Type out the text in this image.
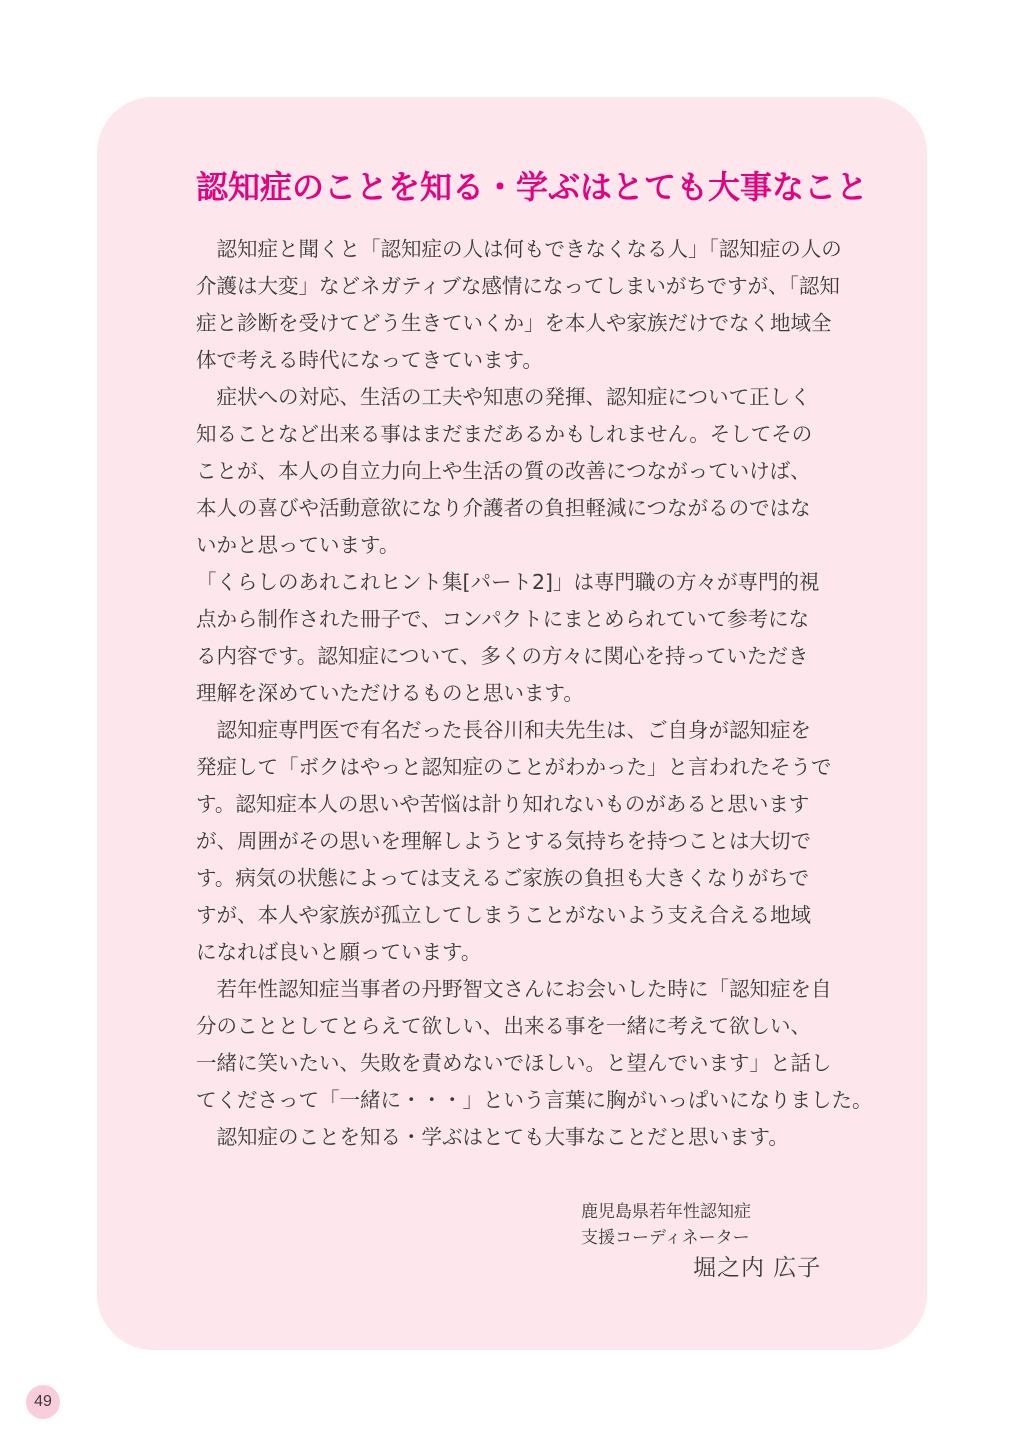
認知症のことを知る・学ぶはとても大事なこと
　認知症と聞くと「認知症の人は何もできなくなる人」「認知症の人の
介護は大変」などネガティブな感情になってしまいがちですが、「認知
症と診断を受けてどう生きていくか」を本人や家族だけでなく地域全
体で考える時代になってきています。
　症状への対応、生活の工夫や知恵の発揮、認知症について正しく
知ることなど出来る事はまだまだあるかもしれません。そしてその
ことが、本人の自立力向上や生活の質の改善につながっていけば、
本人の喜びや活動意欲になり介護者の負担軽減につながるのではな
いかと思っています。
「くらしのあれこれヒント集[パート2]」は専門職の方々が専門的視
点から制作された冊子で、コンパクトにまとめられていて参考にな
る内容です。認知症について、多くの方々に関心を持っていただき
理解を深めていただけるものと思います。
　認知症専門医で有名だった長谷川和夫先生は、ご自身が認知症を
発症して「ボクはやっと認知症のことがわかった」と言われたそうで
す。認知症本人の思いや苦悩は計り知れないものがあると思います
が、周囲がその思いを理解しようとする気持ちを持つことは大切で
す。病気の状態によっては支えるご家族の負担も大きくなりがちで
すが、本人や家族が孤立してしまうことがないよう支え合える地域
になれば良いと願っています。
　若年性認知症当事者の丹野智文さんにお会いした時に「認知症を自
分のこととしてとらえて欲しい、出来る事を一緒に考えて欲しい、
一緒に笑いたい、失敗を責めないでほしい。と望んでいます」と話し
てくださって「一緒に・・・」という言葉に胸がいっぱいになりました。
　認知症のことを知る・学ぶはとても大事なことだと思います。
鹿児島県若年性認知症
支援コーディネーター
堀之内 広子
49
